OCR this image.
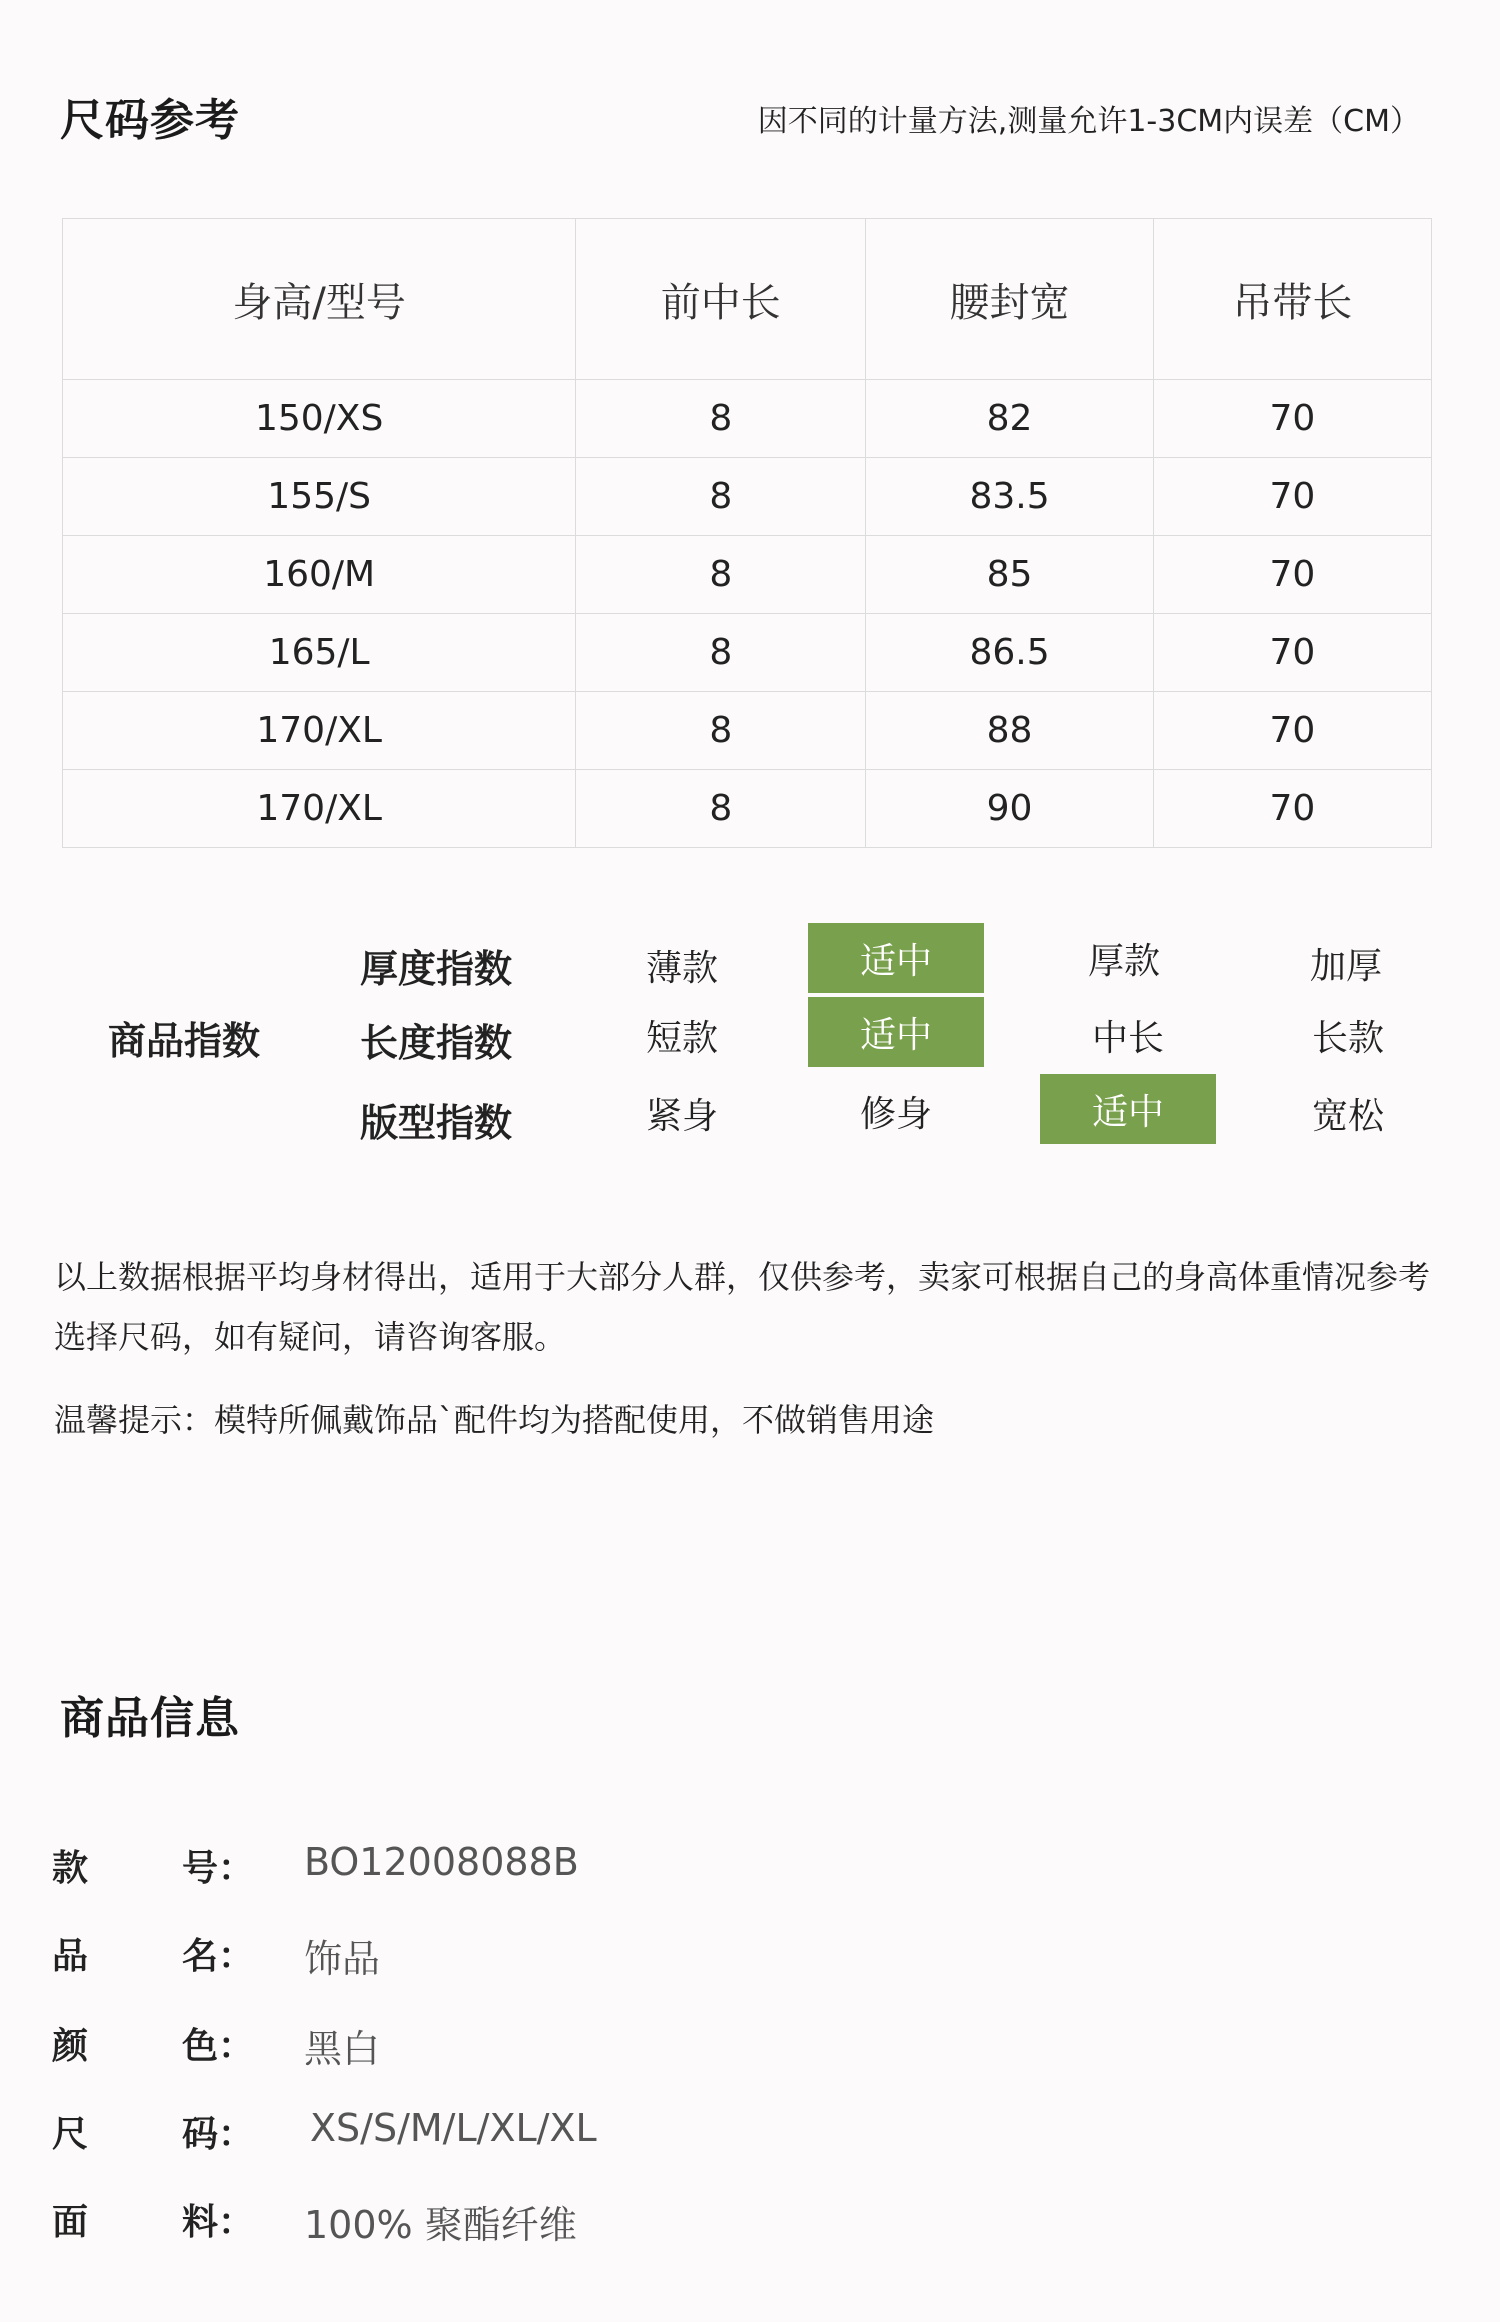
尺码参考	因不同的计量方法,测量允许1-3CM内误差（CM）
身高/型号	前中长	腰封宽	吊带长
150/XS	8	82	70
155/S	8	83.5	70
160/M	8	85	70
165/L	8	86.5	70
170/XL	8	88	70
170/XL	8	90	70
商品指数
厚度指数	薄款	适中	厚款	加厚
长度指数	短款	适中	中长	长款
版型指数	紧身	修身	适中	宽松
以上数据根据平均身材得出，适用于大部分人群，仅供参考，卖家可根据自己的身高体重情况参考选择尺码，如有疑问，请咨询客服。
温馨提示：模特所佩戴饰品`配件均为搭配使用，不做销售用途
商品信息
款	号： BO12008088B
品	名： 饰品
颜	色： 黑白
尺	码： XS/S/M/L/XL/XL
面	料： 100% 聚酯纤维
